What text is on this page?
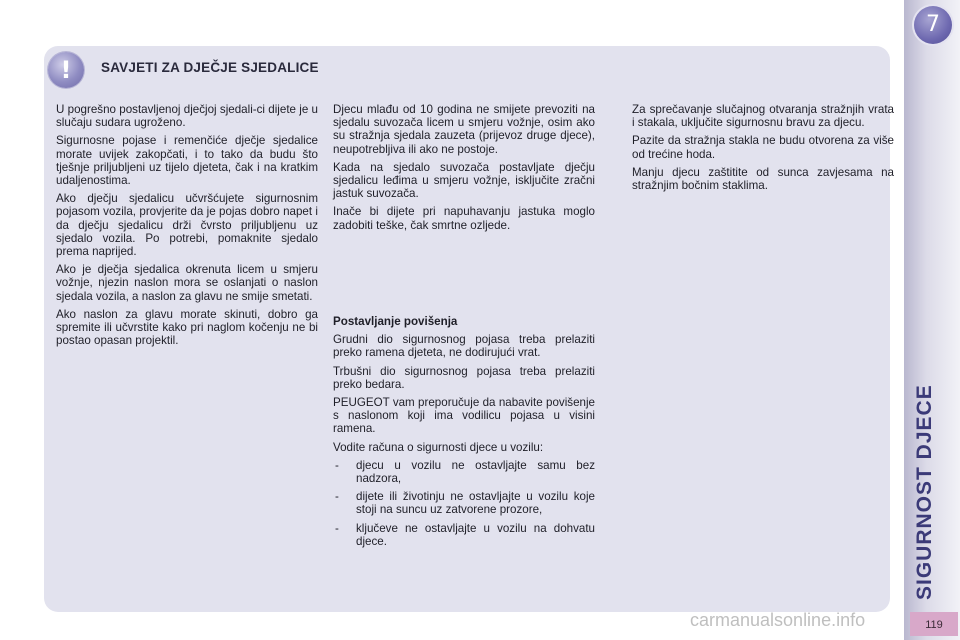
!	SAVJETI ZA DJEČJE SJEDALICE

U pogrešno postavljenoj dječjoj sjedali-ci dijete je u slučaju sudara ugroženo.

Sigurnosne pojase i remenčiće dječje sjedalice morate uvijek zakopčati, i to tako da budu što tješnje priljubljeni uz tijelo djeteta, čak i na kratkim udaljenostima.

Ako dječju sjedalicu učvršćujete sigurnosnim pojasom vozila, provjerite da je pojas dobro napet i da dječju sjedalicu drži čvrsto priljubljenu uz sjedalo vozila. Po potrebi, pomaknite sjedalo prema naprijed.

Ako je dječja sjedalica okrenuta licem u smjeru vožnje, njezin naslon mora se oslanjati o naslon sjedala vozila, a naslon za glavu ne smije smetati.

Ako naslon za glavu morate skinuti, dobro ga spremite ili učvrstite kako pri naglom kočenju ne bi postao opasan projektil.

Djecu mlađu od 10 godina ne smijete prevoziti na sjedalu suvozača licem u smjeru vožnje, osim ako su stražnja sjedala zauzeta (prijevoz druge djece), neupotrebljiva ili ako ne postoje.

Kada na sjedalo suvozača postavljate dječju sjedalicu leđima u smjeru vožnje, isključite zračni jastuk suvozača.

Inače bi dijete pri napuhavanju jastuka moglo zadobiti teške, čak smrtne ozljede.

Postavljanje povišenja

Grudni dio sigurnosnog pojasa treba prelaziti preko ramena djeteta, ne dodirujući vrat.

Trbušni dio sigurnosnog pojasa treba prelaziti preko bedara.

PEUGEOT vam preporučuje da nabavite povišenje s naslonom koji ima vodilicu pojasa u visini ramena.

Vodite računa o sigurnosti djece u vozilu:

- djecu u vozilu ne ostavljajte samu bez nadzora,
- dijete ili životinju ne ostavljajte u vozilu koje stoji na suncu uz zatvorene prozore,
- ključeve ne ostavljajte u vozilu na dohvatu djece.

Za sprečavanje slučajnog otvaranja stražnjih vrata i stakala, uključite sigurnosnu bravu za djecu.

Pazite da stražnja stakla ne budu otvorena za više od trećine hoda.

Manju djecu zaštitite od sunca zavjesama na stražnjim bočnim staklima.

7
SIGURNOST DJECE
119
carmanualsonline.info
